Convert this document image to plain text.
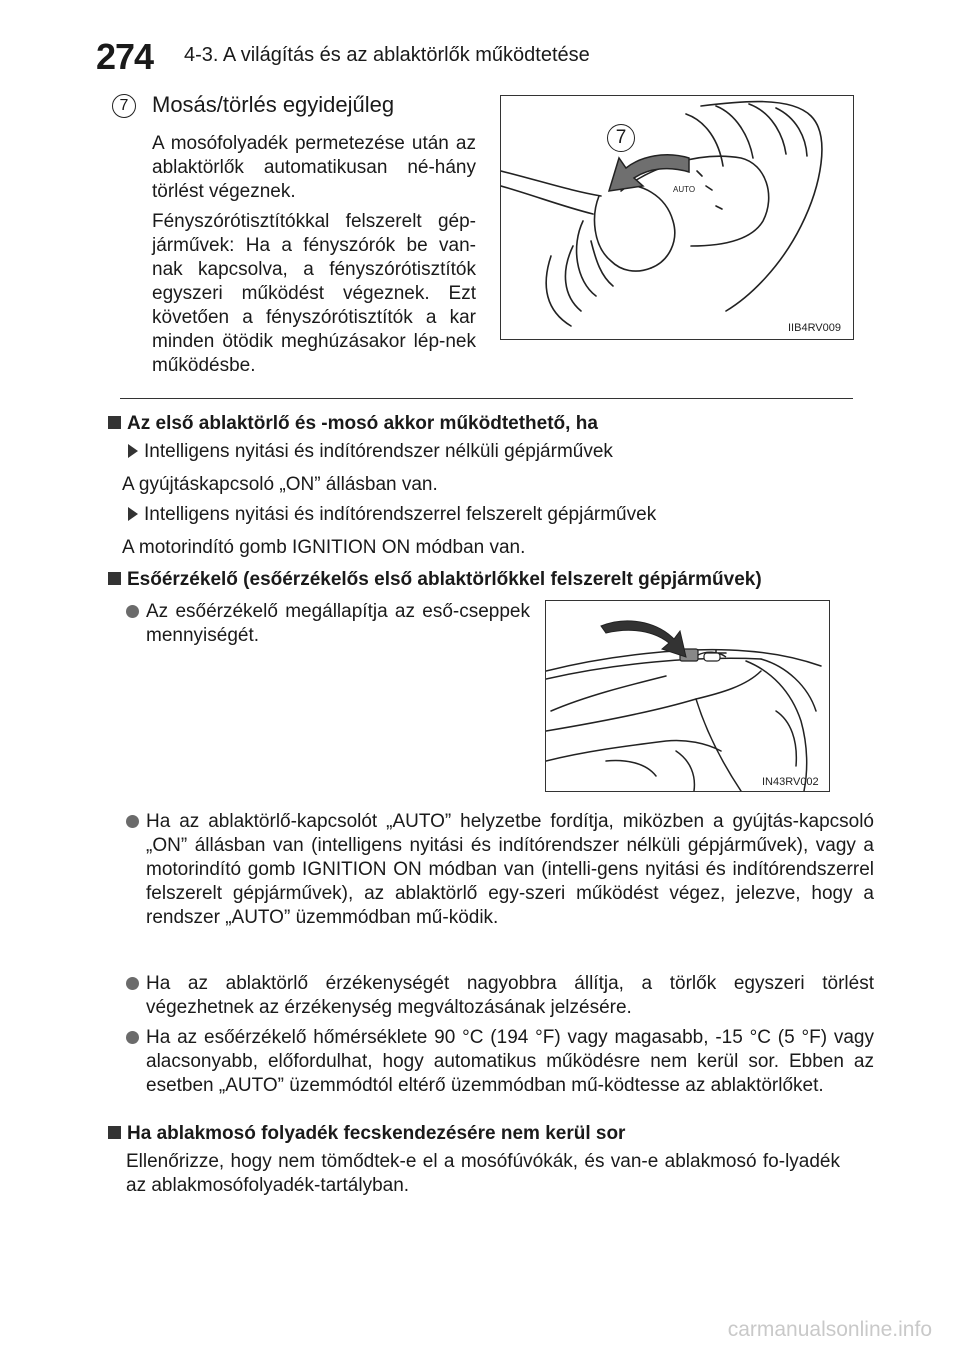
274 4-3. A világítás és az ablaktörlők működtetése
7	Mosás/törlés egyidejűleg
A mosófolyadék permetezése után az ablaktörlők automatikusan né-hány törlést végeznek.
Fényszórótisztítókkal felszerelt gép-járművek: Ha a fényszórók be van-nak kapcsolva, a fényszórótisztítók egyszeri működést végeznek. Ezt követően a fényszórótisztítók a kar minden ötödik meghúzásakor lép-nek működésbe.
AUTO
7
IIB4RV009
Az első ablaktörlő és -mosó akkor működtethető, ha
Intelligens nyitási és indítórendszer nélküli gépjárművek
A gyújtáskapcsoló „ON” állásban van.
Intelligens nyitási és indítórendszerrel felszerelt gépjárművek
A motorindító gomb IGNITION ON módban van.
Esőérzékelő (esőérzékelős első ablaktörlőkkel felszerelt gépjárművek)
Az esőérzékelő megállapítja az eső-cseppek mennyiségét.
IN43RV002
Ha az ablaktörlő-kapcsolót „AUTO” helyzetbe fordítja, miközben a gyújtás-kapcsoló „ON” állásban van (intelligens nyitási és indítórendszer nélküli gépjárművek), vagy a motorindító gomb IGNITION ON módban van (intelli-gens nyitási és indítórendszerrel felszerelt gépjárművek), az ablaktörlő egy-szeri működést végez, jelezve, hogy a rendszer „AUTO” üzemmódban mű-ködik.
Ha az ablaktörlő érzékenységét nagyobbra állítja, a törlők egyszeri törlést végezhetnek az érzékenység megváltozásának jelzésére.
Ha az esőérzékelő hőmérséklete 90 °C (194 °F) vagy magasabb, -15 °C (5 °F) vagy alacsonyabb, előfordulhat, hogy automatikus működésre nem kerül sor. Ebben az esetben „AUTO” üzemmódtól eltérő üzemmódban mű-ködtesse az ablaktörlőket.
Ha ablakmosó folyadék fecskendezésére nem kerül sor
Ellenőrizze, hogy nem tömődtek-e el a mosófúvókák, és van-e ablakmosó fo-lyadék az ablakmosófolyadék-tartályban.
carmanualsonline.info
